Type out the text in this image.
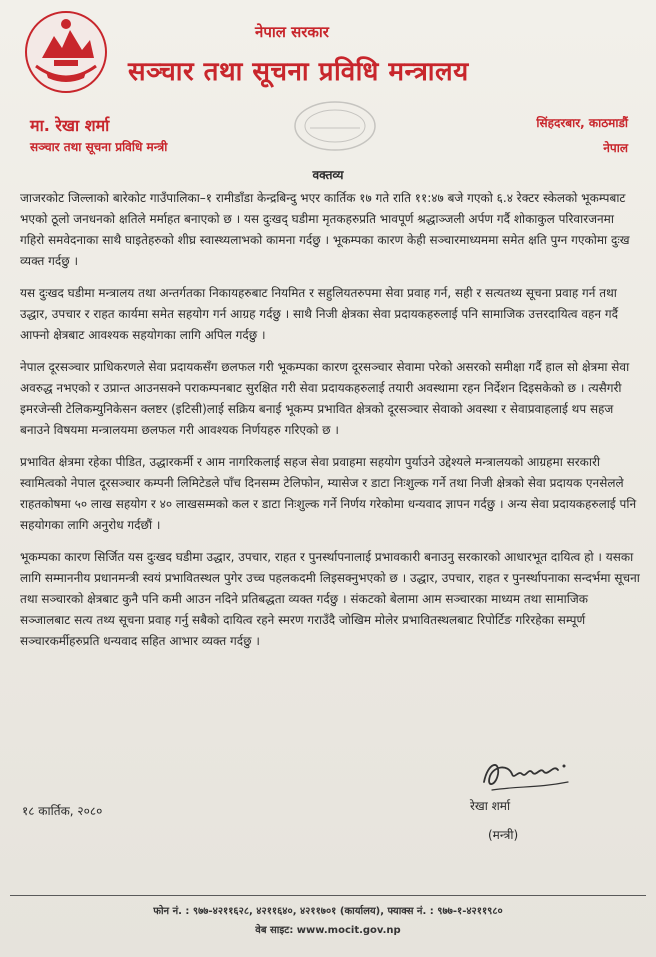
नेपाल सरकार
सञ्चार तथा सूचना प्रविधि मन्त्रालय
मा. रेखा शर्मा
सञ्चार तथा सूचना प्रविधि मन्त्री
सिंहदरबार, काठमाडौं
नेपाल
वक्तव्य

जाजरकोट जिल्लाको बारेकोट गाउँपालिका–१ रामीडाँडा केन्द्रबिन्दु भएर कार्तिक १७ गते राति ११:४७ बजे गएको ६.४ रेक्टर स्केलको भूकम्पबाट भएको ठूलो जनधनको क्षतिले मर्माहत बनाएको छ । यस दुःखद् घडीमा मृतकहरुप्रति भावपूर्ण श्रद्धाञ्जली अर्पण गर्दै शोकाकुल परिवारजनमा गहिरो समवेदनाका साथै घाइतेहरुको शीघ्र स्वास्थ्यलाभको कामना गर्दछु । भूकम्पका कारण केही सञ्चारमाध्यममा समेत क्षति पुग्न गएकोमा दुःख व्यक्त गर्दछु ।

यस दुःखद घडीमा मन्त्रालय तथा अन्तर्गतका निकायहरुबाट नियमित र सहुलियतरुपमा सेवा प्रवाह गर्न, सही र सत्यतथ्य सूचना प्रवाह गर्न तथा उद्धार, उपचार र राहत कार्यमा समेत सहयोग गर्न आग्रह गर्दछु । साथै निजी क्षेत्रका सेवा प्रदायकहरुलाई पनि सामाजिक उत्तरदायित्व वहन गर्दै आफ्नो क्षेत्रबाट आवश्यक सहयोगका लागि अपिल गर्दछु ।

नेपाल दूरसञ्चार प्राधिकरणले सेवा प्रदायकसँग छलफल गरी भूकम्पका कारण दूरसञ्चार सेवामा परेको असरको समीक्षा गर्दै हाल सो क्षेत्रमा सेवा अवरुद्ध नभएको र उप्रान्त आउनसक्ने पराकम्पनबाट सुरक्षित गरी सेवा प्रदायकहरुलाई तयारी अवस्थामा रहन निर्देशन दिइसकेको छ । त्यसैगरी इमरजेन्सी टेलिकम्युनिकेसन क्लष्टर (इटिसी)लाई सक्रिय बनाई भूकम्प प्रभावित क्षेत्रको दूरसञ्चार सेवाको अवस्था र सेवाप्रवाहलाई थप सहज बनाउने विषयमा मन्त्रालयमा छलफल गरी आवश्यक निर्णयहरु गरिएको छ ।

प्रभावित क्षेत्रमा रहेका पीडित, उद्धारकर्मी र आम नागरिकलाई सहज सेवा प्रवाहमा सहयोग पुर्याउने उद्देश्यले मन्त्रालयको आग्रहमा सरकारी स्वामित्वको नेपाल दूरसञ्चार कम्पनी लिमिटेडले पाँच दिनसम्म टेलिफोन, म्यासेज र डाटा निःशुल्क गर्ने तथा निजी क्षेत्रको सेवा प्रदायक एनसेलले राहतकोषमा ५० लाख सहयोग र ४० लाखसम्मको कल र डाटा निःशुल्क गर्ने निर्णय गरेकोमा धन्यवाद ज्ञापन गर्दछु । अन्य सेवा प्रदायकहरुलाई पनि सहयोगका लागि अनुरोध गर्दछौं ।

भूकम्पका कारण सिर्जित यस दुःखद घडीमा उद्धार, उपचार, राहत र पुनर्स्थापनालाई प्रभावकारी बनाउनु सरकारको आधारभूत दायित्व हो । यसका लागि सम्माननीय प्रधानमन्त्री स्वयं प्रभावितस्थल पुगेर उच्च पहलकदमी लिइसक्नुभएको छ । उद्धार, उपचार, राहत र पुनर्स्थापनाका सन्दर्भमा सूचना तथा सञ्चारको क्षेत्रबाट कुनै पनि कमी आउन नदिने प्रतिबद्धता व्यक्त गर्दछु । संकटको बेलामा आम सञ्चारका माध्यम तथा सामाजिक सञ्जालबाट सत्य तथ्य सूचना प्रवाह गर्नु सबैको दायित्व रहने स्मरण गराउँदै जोखिम मोलेर प्रभावितस्थलबाट रिपोर्टिङ गरिरहेका सम्पूर्ण सञ्चारकर्मीहरुप्रति धन्यवाद सहित आभार व्यक्त गर्दछु ।

रेखा शर्मा
(मन्त्री)
१८ कार्तिक, २०८०
फोन नं. : ९७७-४२११६२८, ४२११६४०, ४२११७०१ (कार्यालय), फ्याक्स नं. : ९७७-१-४२११९८०
वेब साइट: www.mocit.gov.np
